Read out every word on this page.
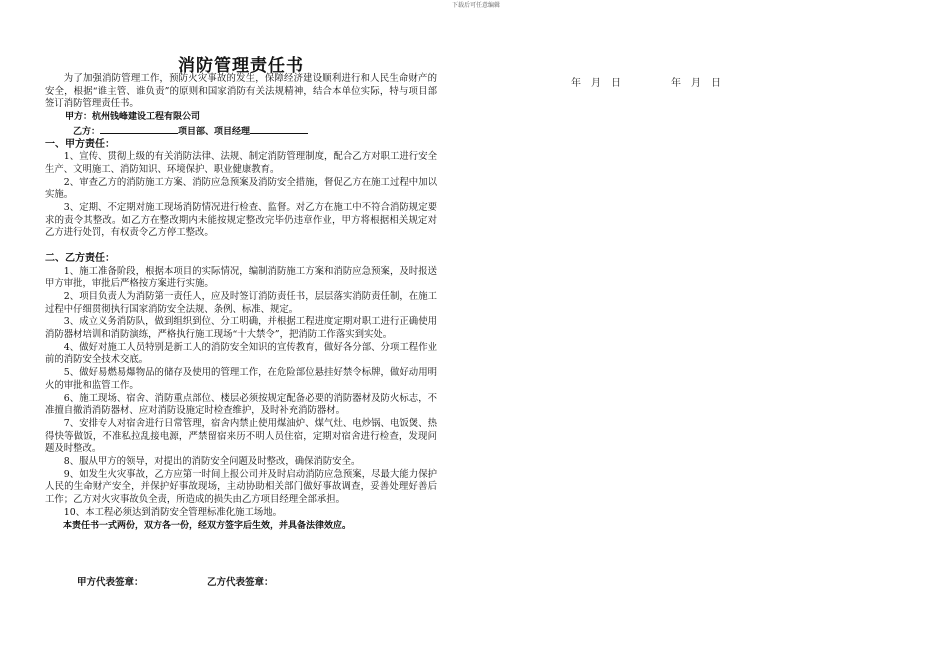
下载后可任意编辑
消防管理责任书
年 月 日	年 月 日

为了加强消防管理工作，预防火灾事故的发生，保障经济建设顺利进行和人民生命财产的安全，根据“谁主管、谁负责”的原则和国家消防有关法规精神，结合本单位实际，特与项目部签订消防管理责任书。

甲方：杭州钱峰建设工程有限公司

乙方：	项目部、项目经理

一、甲方责任：

1、宣传、贯彻上级的有关消防法律、法规、制定消防管理制度，配合乙方对职工进行安全生产、文明施工、消防知识、环境保护、职业健康教育。

2、审查乙方的消防施工方案、消防应急预案及消防安全措施，督促乙方在施工过程中加以实施。

3、定期、不定期对施工现场消防情况进行检查、监督。对乙方在施工中不符合消防规定要求的责令其整改。如乙方在整改期内未能按规定整改完毕仍违章作业，甲方将根据相关规定对乙方进行处罚，有权责令乙方停工整改。

二、乙方责任：

1、施工准备阶段，根据本项目的实际情况，编制消防施工方案和消防应急预案，及时报送甲方审批，审批后严格按方案进行实施。

2、项目负责人为消防第一责任人，应及时签订消防责任书，层层落实消防责任制，在施工过程中仔细贯彻执行国家消防安全法规、条例、标准、规定。

3、成立义务消防队，做到组织到位、分工明确，并根据工程进度定期对职工进行正确使用消防器材培训和消防演练，严格执行施工现场“十大禁令”，把消防工作落实到实处。

4、做好对施工人员特别是新工人的消防安全知识的宣传教育，做好各分部、分项工程作业前的消防安全技术交底。

5、做好易燃易爆物品的储存及使用的管理工作，在危险部位悬挂好禁令标牌，做好动用明火的审批和监管工作。

6、施工现场、宿舍、消防重点部位、楼层必须按规定配备必要的消防器材及防火标志，不准擅自撤消消防器材、应对消防设施定时检查维护，及时补充消防器材。

7、安排专人对宿舍进行日常管理，宿舍内禁止使用煤油炉、煤气灶、电炒锅、电饭煲、热得快等做饭，不准私拉乱接电源，严禁留宿来历不明人员住宿，定期对宿舍进行检查，发现问题及时整改。

8、服从甲方的领导，对提出的消防安全问题及时整改，确保消防安全。

9、如发生火灾事故，乙方应第一时间上报公司并及时启动消防应急预案，尽最大能力保护人民的生命财产安全，并保护好事故现场，主动协助相关部门做好事故调查，妥善处理好善后工作；乙方对火灾事故负全责，所造成的损失由乙方项目经理全部承担。

10、本工程必须达到消防安全管理标准化施工场地。

本责任书一式两份，双方各一份，经双方签字后生效，并具备法律效应。

甲方代表签章：	乙方代表签章：
